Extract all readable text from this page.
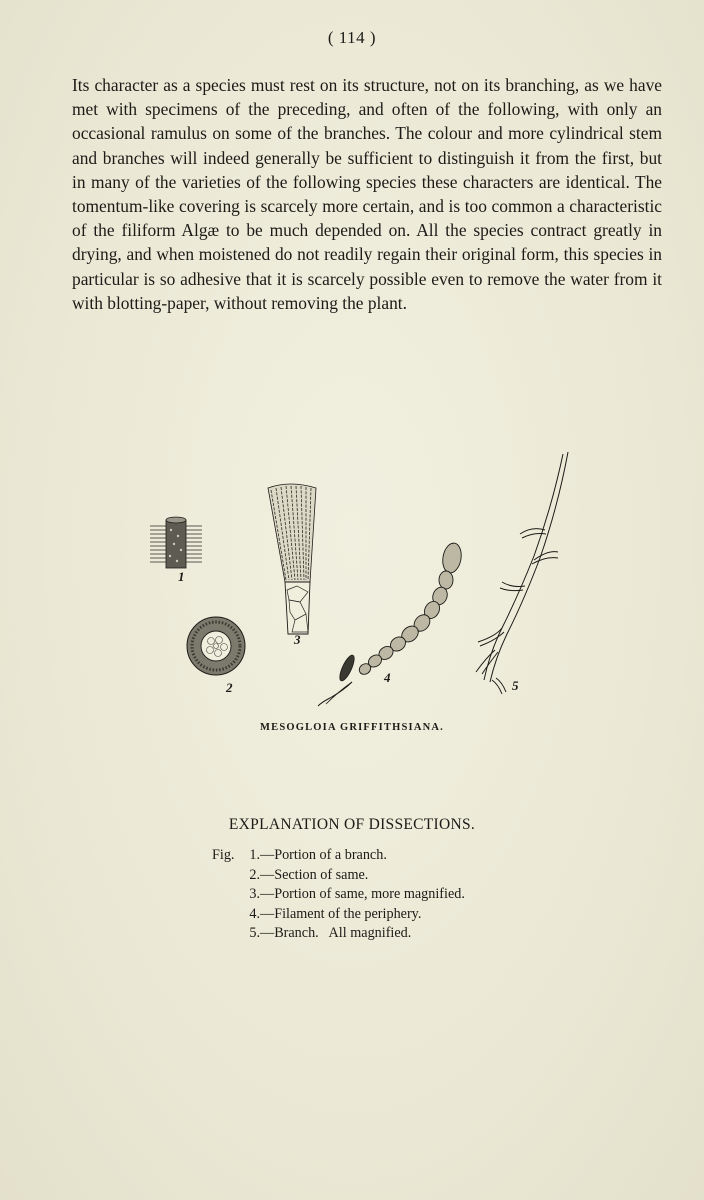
( 114 )

Its character as a species must rest on its structure, not on its branching, as we have met with specimens of the preceding, and often of the following, with only an occasional ramulus on some of the branches. The colour and more cylindrical stem and branches will indeed generally be sufficient to distinguish it from the first, but in many of the varieties of the following species these characters are identical. The tomentum-like covering is scarcely more certain, and is too common a characteristic of the filiform Algæ to be much depended on. All the species contract greatly in drying, and when moistened do not readily regain their original form, this species in particular is so adhesive that it is scarcely possible even to remove the water from it with blotting-paper, without removing the plant.

1
2
3
4
5
MESOGLOIA GRIFFITHSIANA.
EXPLANATION OF DISSECTIONS.
Fig.	1. —Portion of a branch.
2. —Section of same.
3. —Portion of same, more magnified.
4. —Filament of the periphery.
5. —Branch.   All magnified.
